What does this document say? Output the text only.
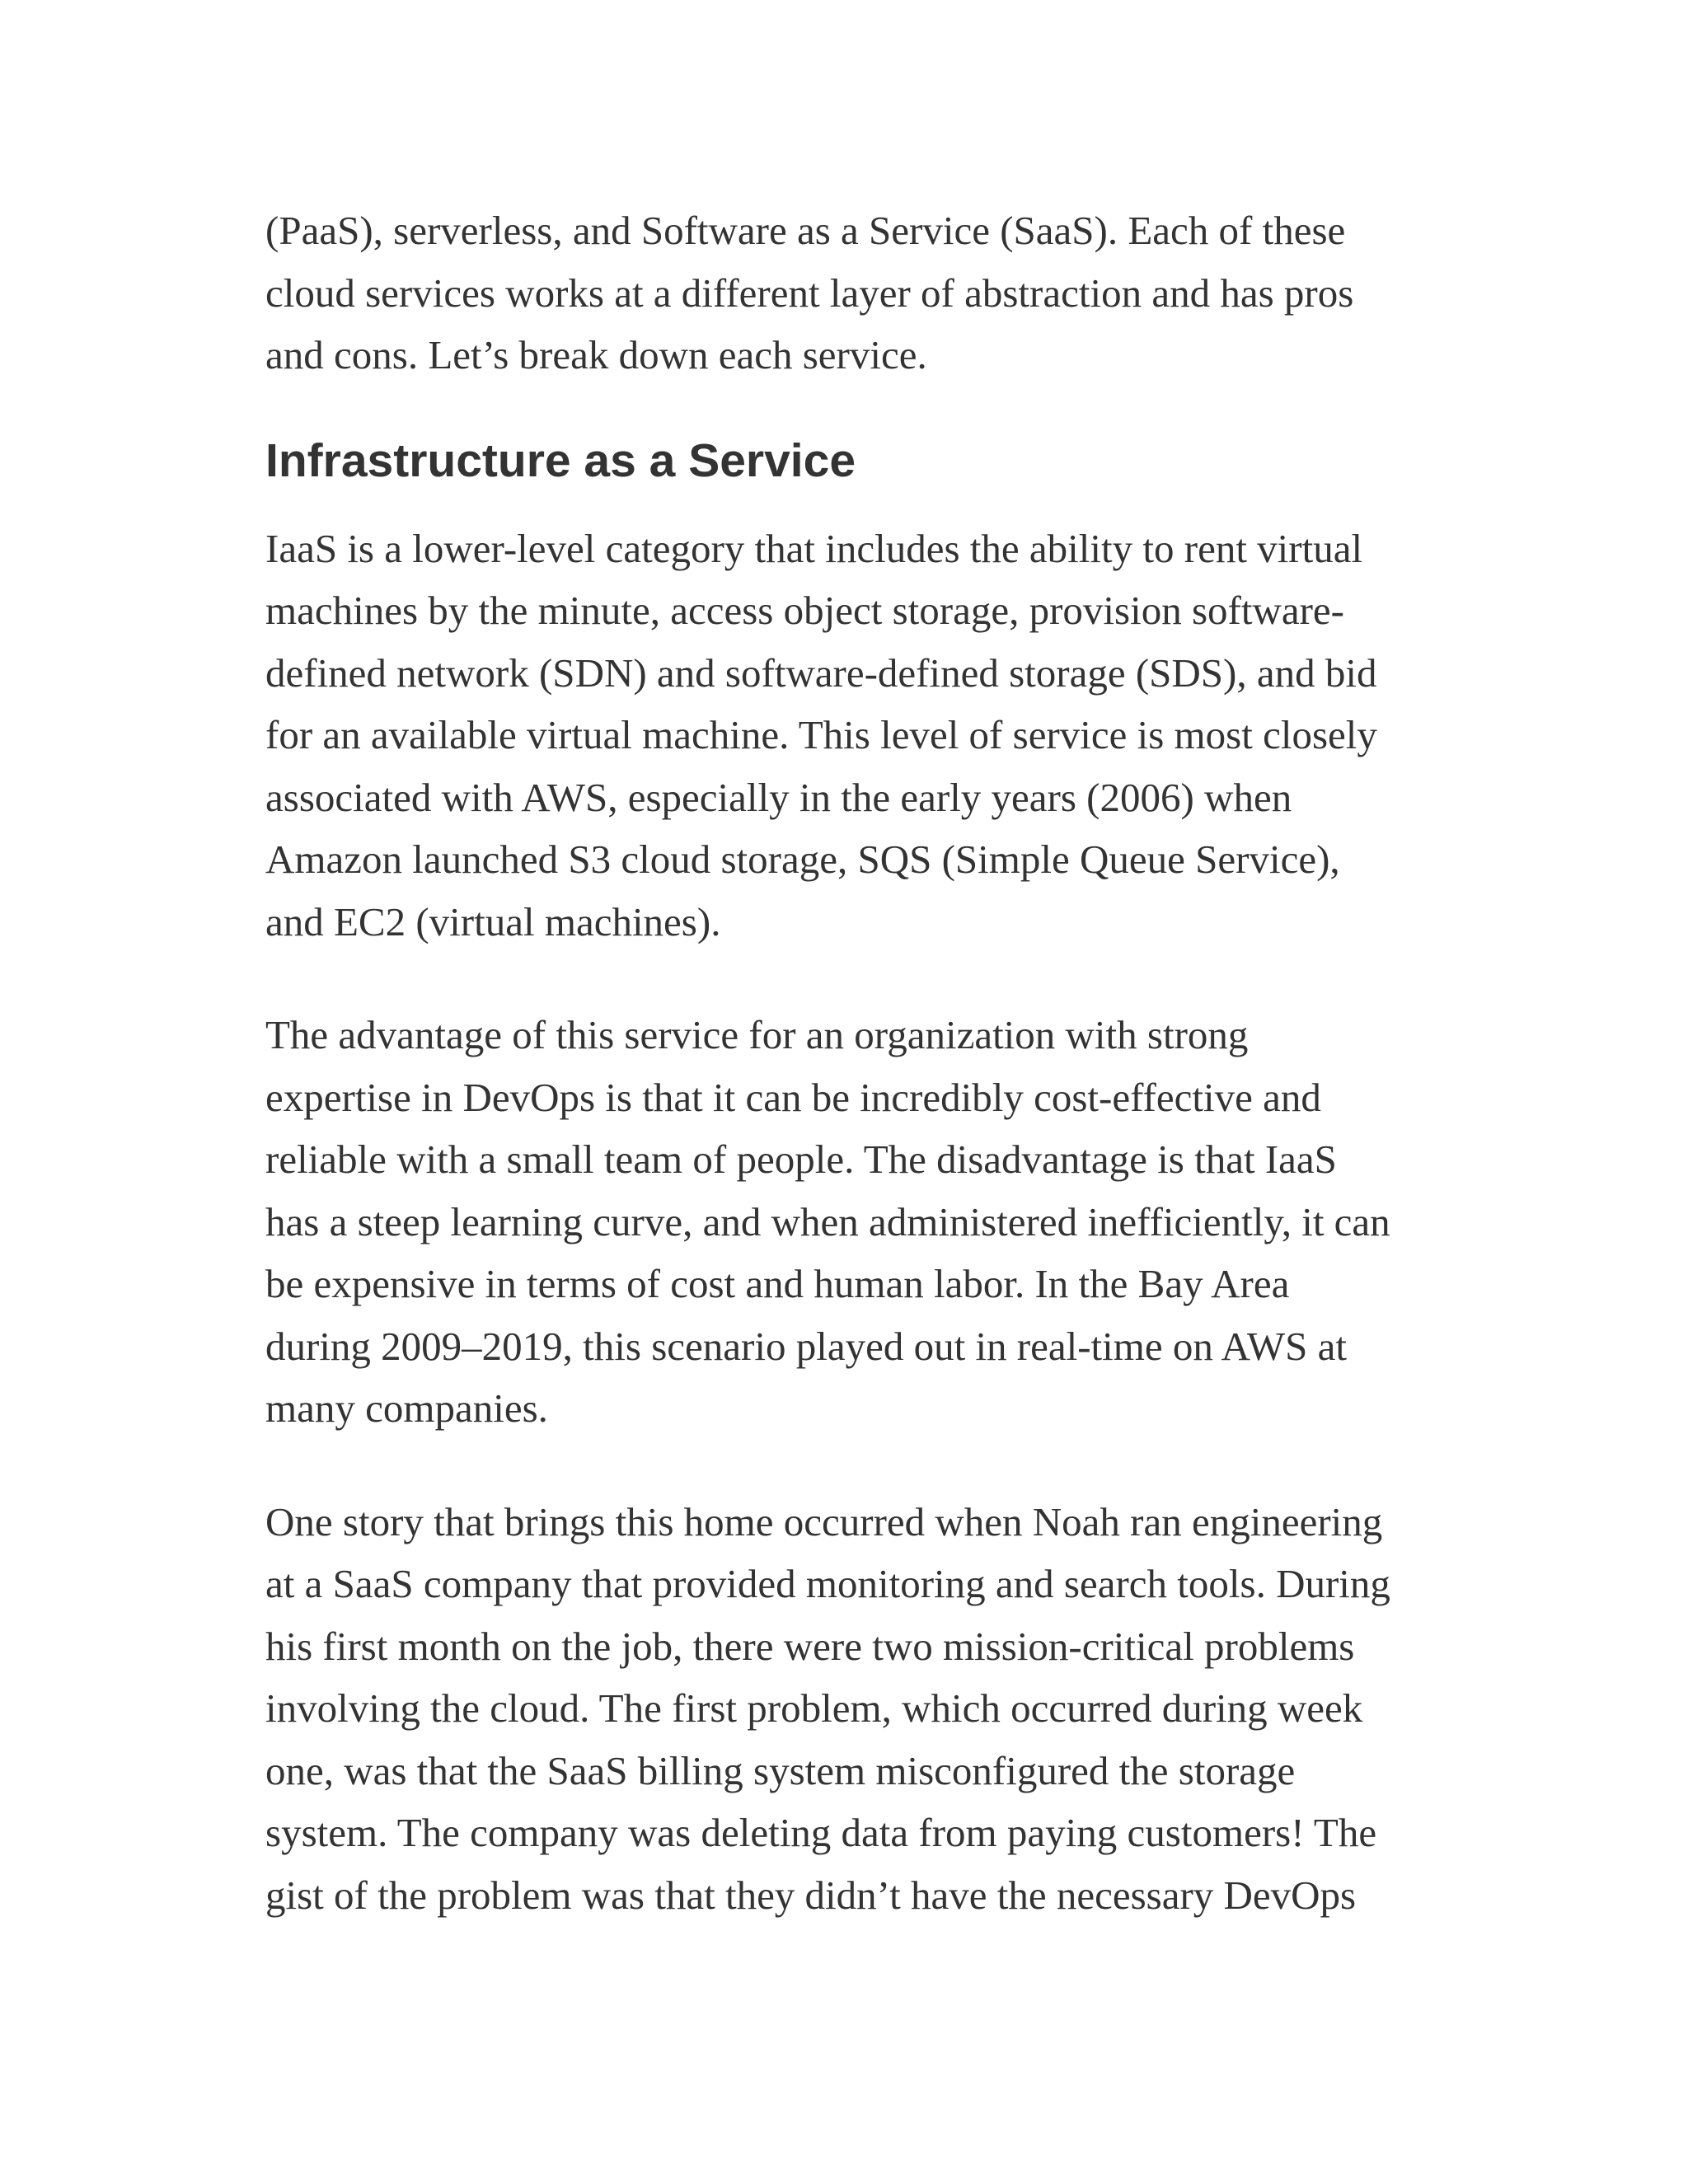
(PaaS), serverless, and Software as a Service (SaaS). Each of these
cloud services works at a different layer of abstraction and has pros
and cons. Let’s break down each service.

Infrastructure as a Service

IaaS is a lower-level category that includes the ability to rent virtual
machines by the minute, access object storage, provision software-
defined network (SDN) and software-defined storage (SDS), and bid
for an available virtual machine. This level of service is most closely
associated with AWS, especially in the early years (2006) when
Amazon launched S3 cloud storage, SQS (Simple Queue Service),
and EC2 (virtual machines).

The advantage of this service for an organization with strong
expertise in DevOps is that it can be incredibly cost-effective and
reliable with a small team of people. The disadvantage is that IaaS
has a steep learning curve, and when administered inefficiently, it can
be expensive in terms of cost and human labor. In the Bay Area
during 2009–2019, this scenario played out in real-time on AWS at
many companies.

One story that brings this home occurred when Noah ran engineering
at a SaaS company that provided monitoring and search tools. During
his first month on the job, there were two mission-critical problems
involving the cloud. The first problem, which occurred during week
one, was that the SaaS billing system misconfigured the storage
system. The company was deleting data from paying customers! The
gist of the problem was that they didn’t have the necessary DevOps
